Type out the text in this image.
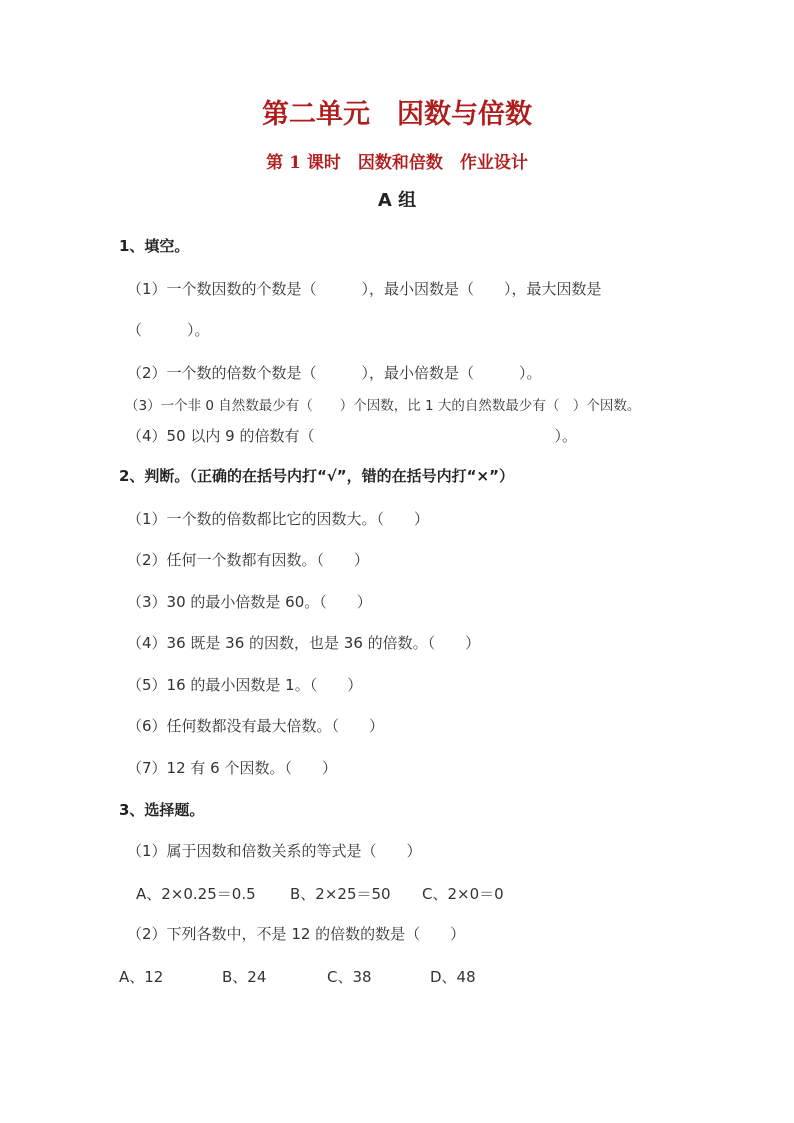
第二单元　因数与倍数
第 1 课时　因数和倍数　作业设计
A 组
1、填空。
（1）一个数因数的个数是（　　　），最小因数是（　　），最大因数是
（　　　）。
（2）一个数的倍数个数是（　　　），最小倍数是（　　　）。
（3）一个非 0 自然数最少有（　　）个因数，比 1 大的自然数最少有（　）个因数。
（4）50 以内 9 的倍数有（　　　　　　　　　　　　　　　　）。
2、判断。（正确的在括号内打“√”，错的在括号内打“×”）
（1）一个数的倍数都比它的因数大。（　　）
（2）任何一个数都有因数。（　　）
（3）30 的最小倍数是 60。（　　）
（4）36 既是 36 的因数，也是 36 的倍数。（　　）
（5）16 的最小因数是 1。（　　）
（6）任何数都没有最大倍数。（　　）
（7）12 有 6 个因数。（　　）
3、选择题。
（1）属于因数和倍数关系的等式是（　　）
A、2×0.25＝0.5 B、2×25＝50 C、2×0＝0
（2）下列各数中，不是 12 的倍数的数是（　　）
A、12	B、24	C、38	D、48
